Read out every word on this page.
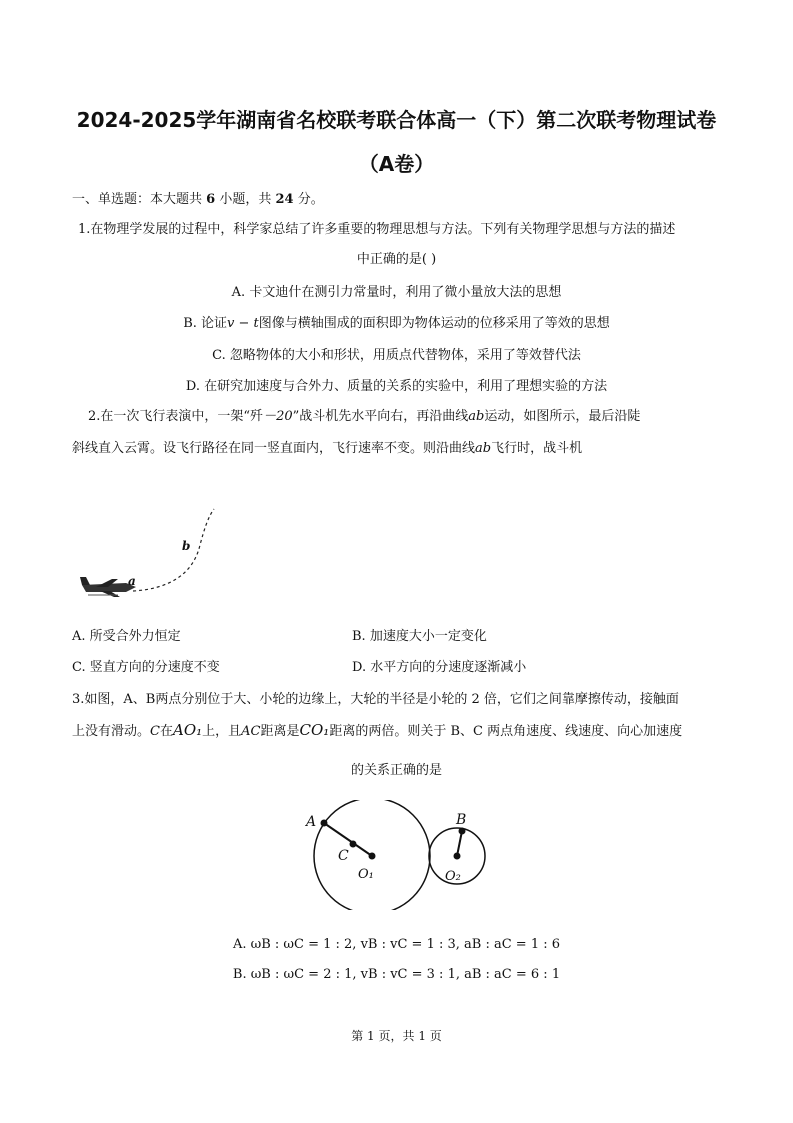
2024-2025学年湖南省名校联考联合体高一（下）第二次联考物理试卷
（A卷）
一、单选题：本大题共 6 小题，共 24 分。
1.在物理学发展的过程中，科学家总结了许多重要的物理思想与方法。下列有关物理学思想与方法的描述
中正确的是( )
A. 卡文迪什在测引力常量时，利用了微小量放大法的思想
B. 论证v − t图像与横轴围成的面积即为物体运动的位移采用了等效的思想
C. 忽略物体的大小和形状，用质点代替物体，采用了等效替代法
D. 在研究加速度与合外力、质量的关系的实验中，利用了理想实验的方法
2.在一次飞行表演中，一架“歼－20”战斗机先水平向右，再沿曲线ab运动，如图所示，最后沿陡
斜线直入云霄。设飞行路径在同一竖直面内，飞行速率不变。则沿曲线ab飞行时，战斗机
a
b
A. 所受合外力恒定	B. 加速度大小一定变化
C. 竖直方向的分速度不变	D. 水平方向的分速度逐渐减小
3.如图，A、B两点分别位于大、小轮的边缘上，大轮的半径是小轮的 2 倍，它们之间靠摩擦传动，接触面
上没有滑动。C在AO₁上，且AC距离是CO₁距离的两倍。则关于 B、C 两点角速度、线速度、向心加速度
的关系正确的是
A
C
O₁
B
O₂
A. ωB : ωC = 1 : 2, vB : vC = 1 : 3, aB : aC = 1 : 6
B. ωB : ωC = 2 : 1, vB : vC = 3 : 1, aB : aC = 6 : 1
第 1 页，共 1 页
